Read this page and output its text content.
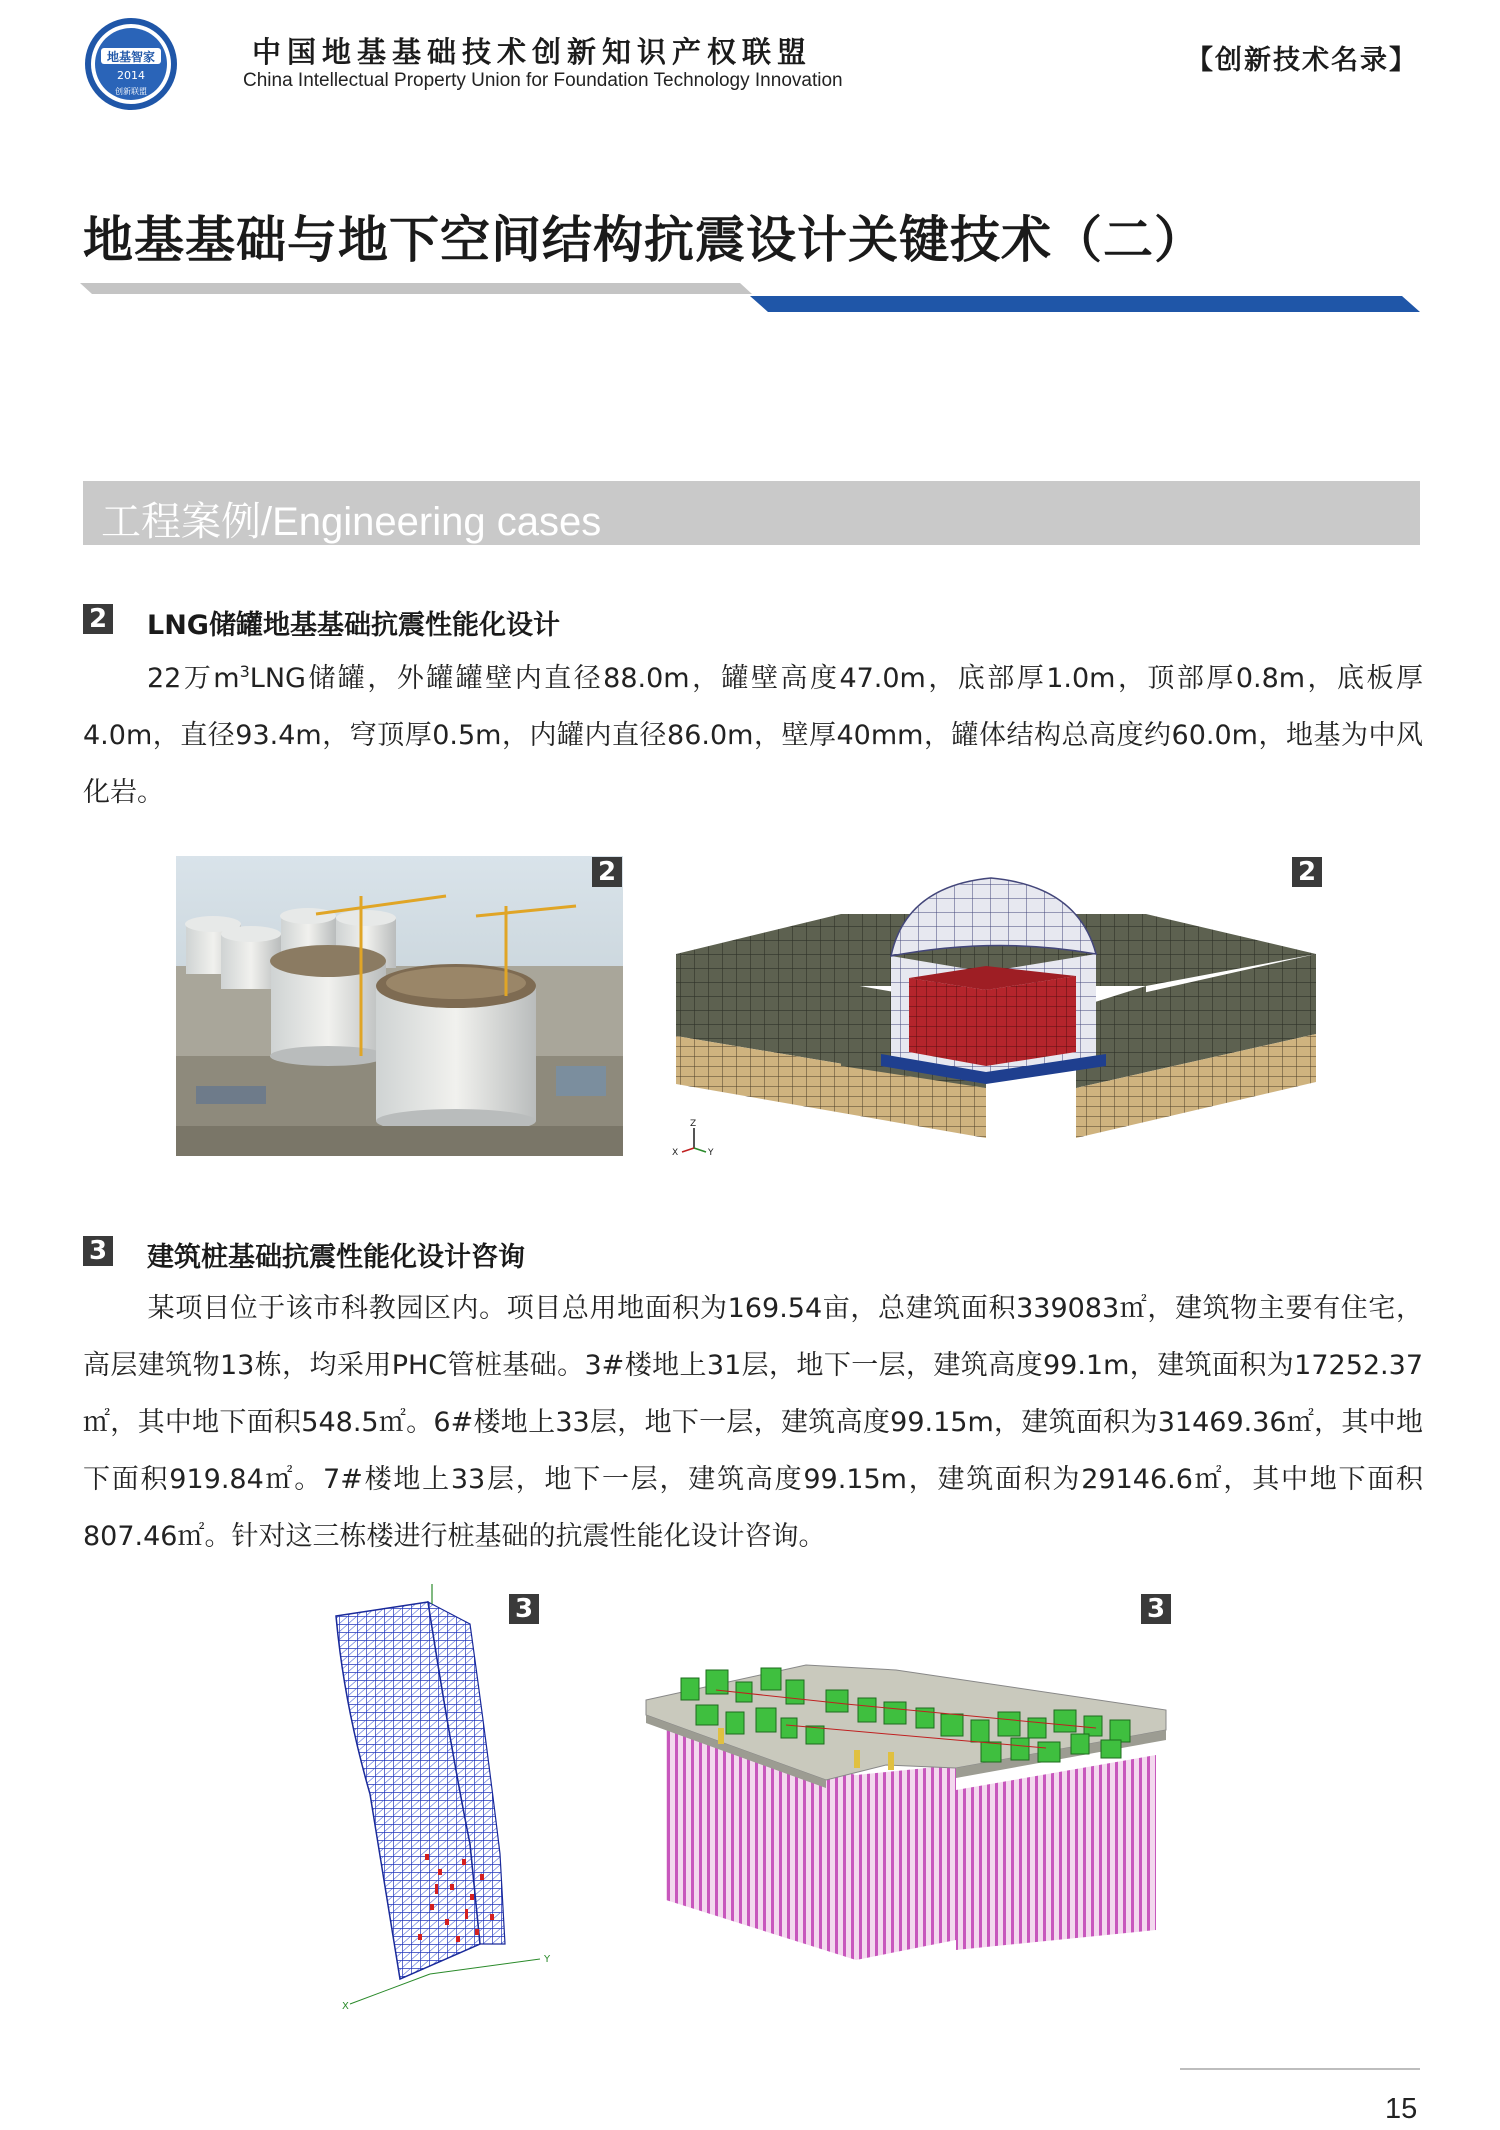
地基智家
2014
创新联盟
中国地基基础技术创新知识产权联盟
China Intellectual Property Union for Foundation Technology Innovation
【创新技术名录】
地基基础与地下空间结构抗震设计关键技术（二）
工程案例/Engineering cases
2 LNG储罐地基基础抗震性能化设计
22万$m^3LNG$储罐，外罐罐壁内直径88.0m，罐壁高度47.0m，底部厚1.0m，顶部厚0.8m，底板厚4.0m，直径93.4m，穹顶厚0.5m，内罐内直径86.0m，壁厚40mm，罐体结构总高度约60.0m，地基为中风化岩。
2
Z
X	Y
2
3 建筑桩基础抗震性能化设计咨询
某项目位于该市科教园区内。项目总用地面积为169.54亩，总建筑面积339083㎡，建筑物主要有住宅，高层建筑物13栋，均采用PHC管桩基础。3#楼地上31层，地下一层，建筑高度99.1m，建筑面积为17252.37㎡，其中地下面积548.5㎡。6#楼地上33层，地下一层，建筑高度99.15m，建筑面积为31469.36㎡，其中地下面积919.84㎡。7#楼地上33层，地下一层，建筑高度99.15m，建筑面积为29146.6㎡，其中地下面积807.46㎡。针对这三栋楼进行桩基础的抗震性能化设计咨询。
X
Y
3	3
15
